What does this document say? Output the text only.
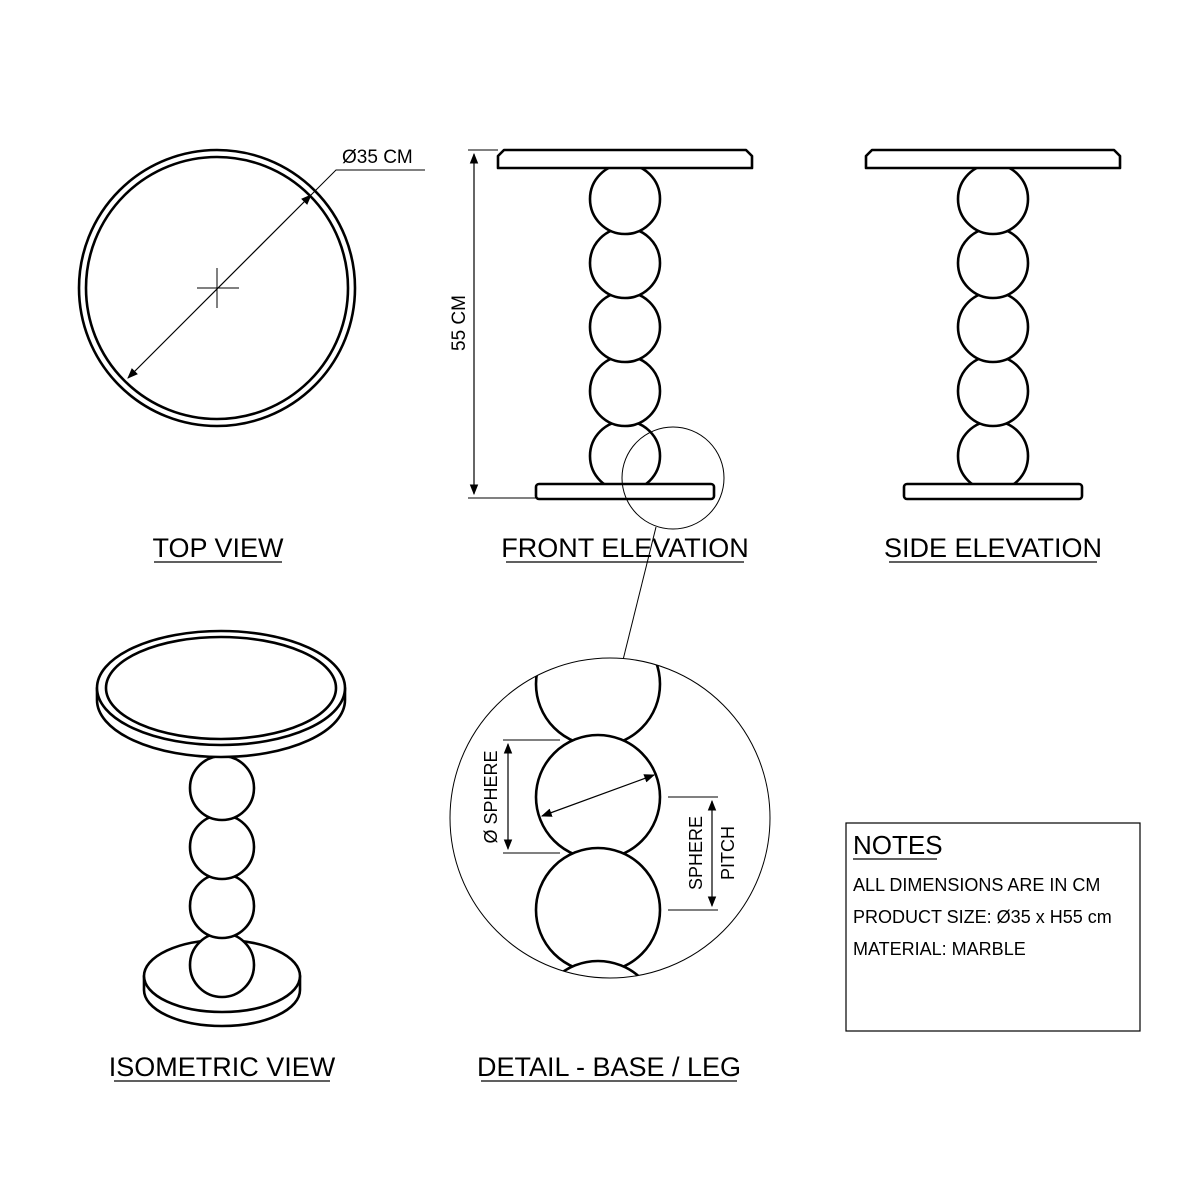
Ø35 CM
55 CM
Ø SPHERE
SPHERE PITCH
TOP VIEW	FRONT ELEVATION	SIDE ELEVATION
ISOMETRIC VIEW	DETAIL - BASE / LEG
NOTES
ALL DIMENSIONS ARE IN CM
PRODUCT SIZE: Ø35 x H55 cm
MATERIAL: MARBLE
